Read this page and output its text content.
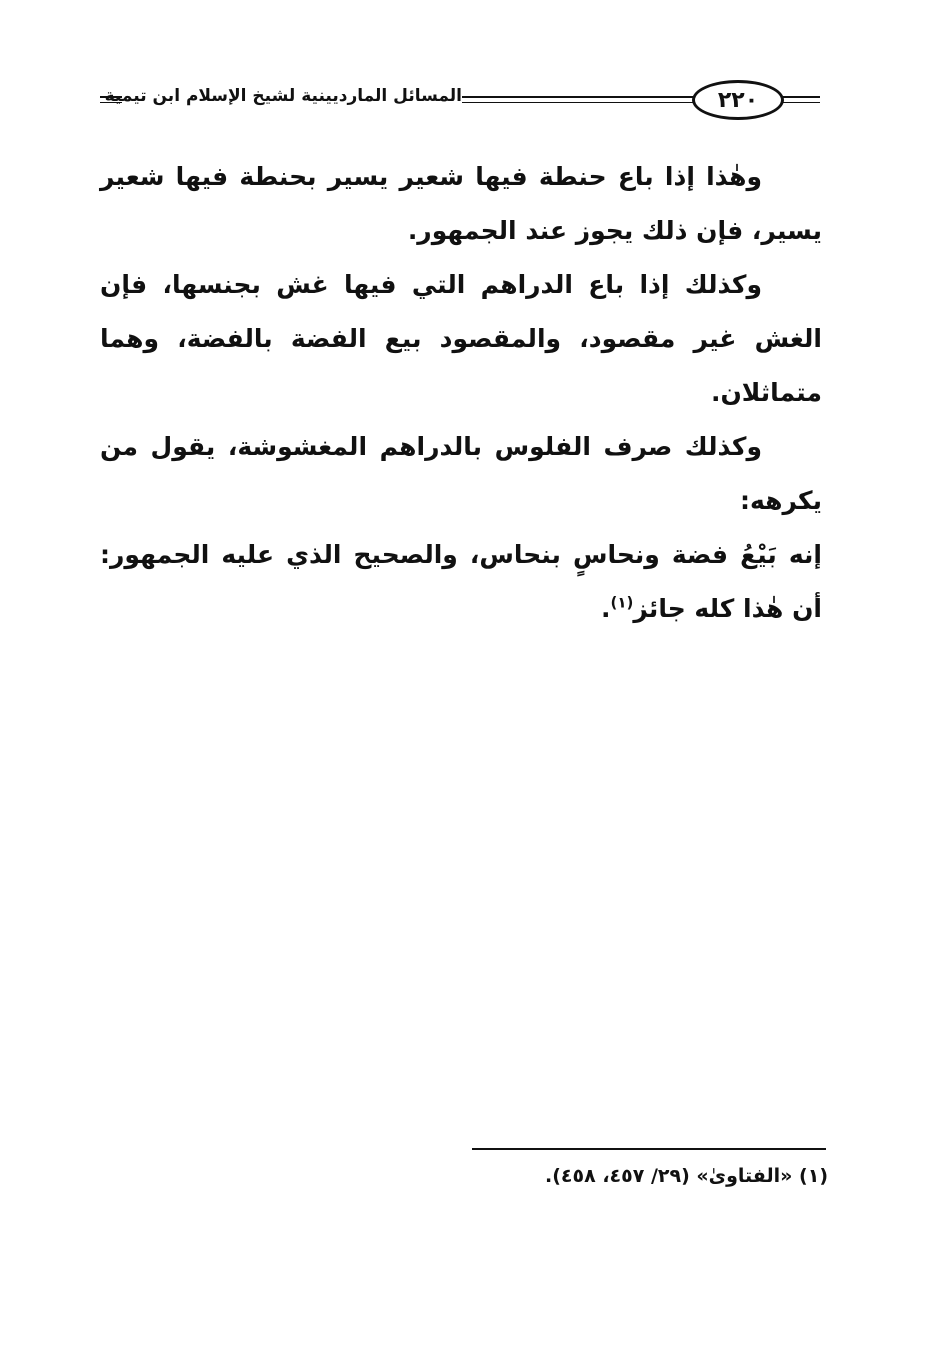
المسائل المارديينية لشيخ الإسلام ابن تيمية	٢٢٠

وهٰذا إذا باع حنطة فيها شعير يسير بحنطة فيها شعير يسير، فإن ذلك يجوز عند الجمهور.

وكذلك إذا باع الدراهم التي فيها غش بجنسها، فإن الغش غير مقصود، والمقصود بيع الفضة بالفضة، وهما متماثلان.

وكذلك صرف الفلوس بالدراهم المغشوشة، يقول من يكرهه:

إنه بَيْعُ فضة ونحاسٍ بنحاس، والصحيح الذي عليه الجمهور: أن هٰذا كله جائز$^{(١)}$.

(١) «الفتاوىٰ» (٢٩/ ٤٥٧، ٤٥٨).
